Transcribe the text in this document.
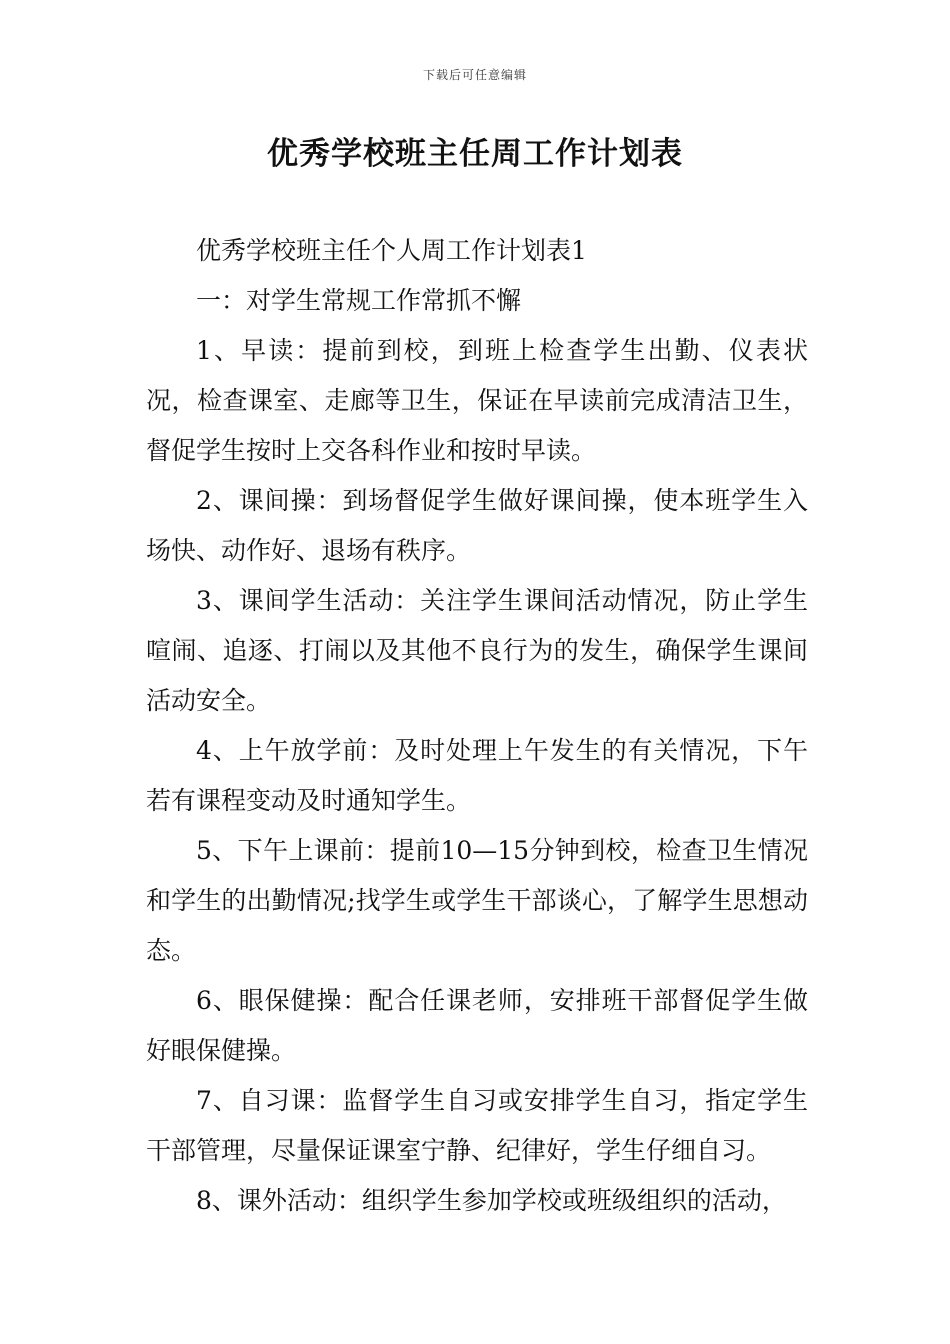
下载后可任意编辑
优秀学校班主任周工作计划表

优秀学校班主任个人周工作计划表1

一：对学生常规工作常抓不懈

1、早读：提前到校，到班上检查学生出勤、仪表状况，检查课室、走廊等卫生，保证在早读前完成清洁卫生，督促学生按时上交各科作业和按时早读。

2、课间操：到场督促学生做好课间操，使本班学生入场快、动作好、退场有秩序。

3、课间学生活动：关注学生课间活动情况，防止学生喧闹、追逐、打闹以及其他不良行为的发生，确保学生课间活动安全。

4、上午放学前：及时处理上午发生的有关情况，下午若有课程变动及时通知学生。

5、下午上课前：提前10—15分钟到校，检查卫生情况和学生的出勤情况;找学生或学生干部谈心，了解学生思想动态。

6、眼保健操：配合任课老师，安排班干部督促学生做好眼保健操。

7、自习课：监督学生自习或安排学生自习，指定学生干部管理，尽量保证课室宁静、纪律好，学生仔细自习。

8、课外活动：组织学生参加学校或班级组织的活动，
